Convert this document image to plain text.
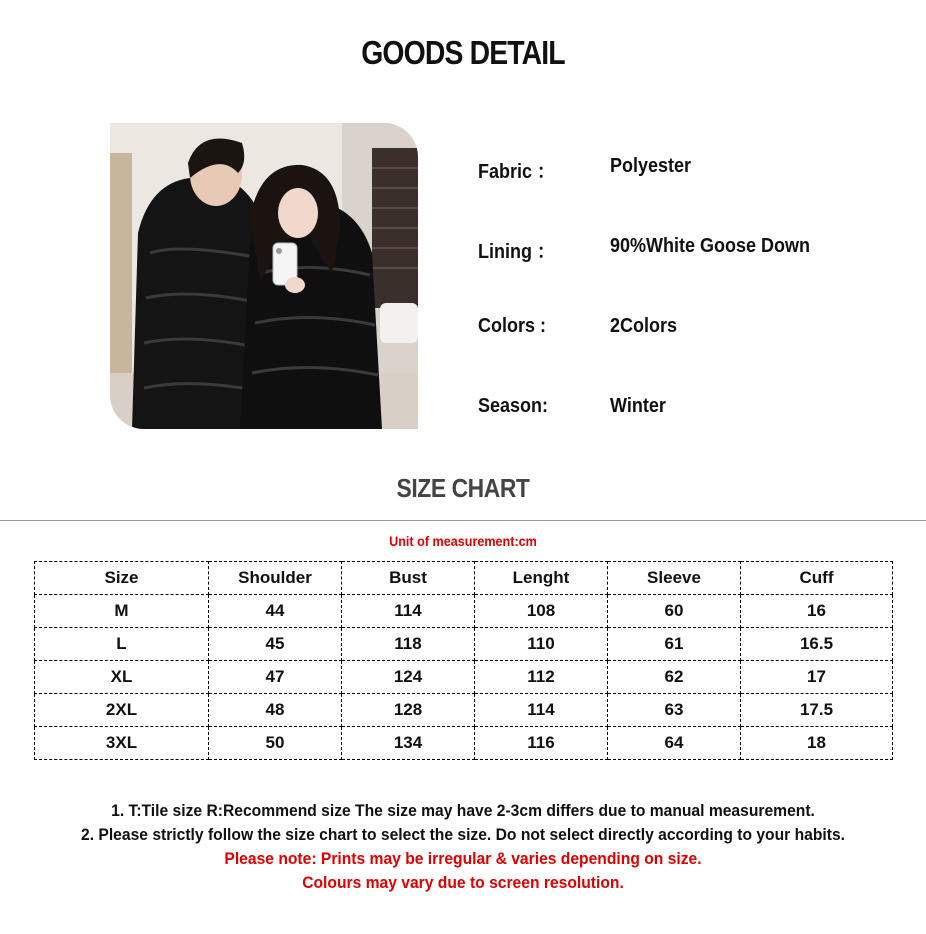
GOODS DETAIL
Fabric ：	Polyester
Lining ：	90%White Goose Down
Colors :	2Colors
Season:	Winter
SIZE CHART
Unit of measurement:cm
Size	Shoulder	Bust	Lenght	Sleeve	Cuff
M	44	114	108	60	16
L	45	118	110	61	16.5
XL	47	124	112	62	17
2XL	48	128	114	63	17.5
3XL	50	134	116	64	18
1. T:Tile size R:Recommend size The size may have 2-3cm differs due to manual measurement.
2. Please strictly follow the size chart to select the size. Do not select directly according to your habits.
Please note: Prints may be irregular & varies depending on size.
Colours may vary due to screen resolution.
